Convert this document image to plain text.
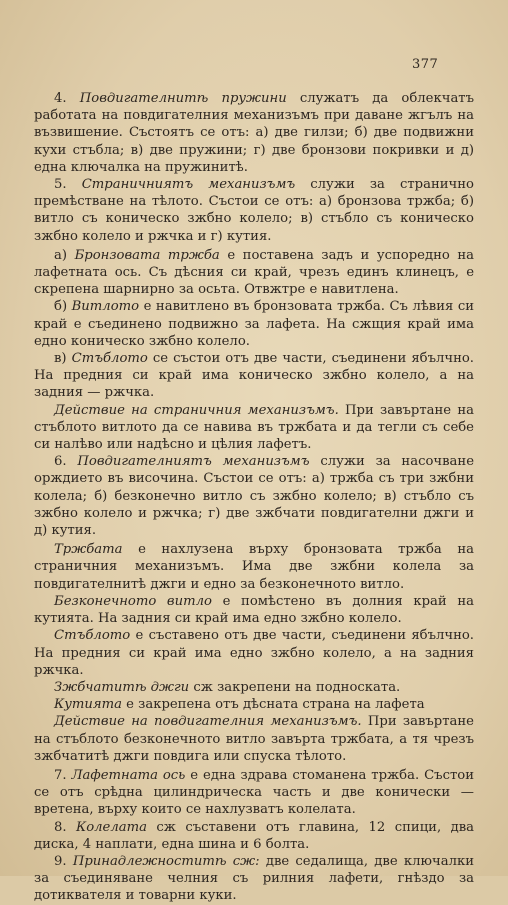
377

4. Повдигателнитѣ пружини служатъ да облекчатъ работата на повдигателния механизъмъ при даване жгълъ на възвишение. Състоятъ се отъ: а) две гилзи; б) две подвижни кухи стъбла; в) две пружини; г) две бронзови покривки и д) една ключалка на пружинитѣ.

5. Страничниятъ механизъмъ служи за странично премѣстване на тѣлото. Състои се отъ: а) бронзова тржба; б) витло съ коническо зжбно колело; в) стъбло съ коническо зжбно колело и ржчка и г) кутия.

а) Бронзовата тржба е поставена задъ и успоредно на лафетната ось. Съ дѣсния си край, чрезъ единъ клинецъ, е скрепена шарнирно за осьта. Отвжтре е навитлена.

б) Витлото е навитлено въ бронзовата тржба. Съ лѣвия си край е съединено подвижно за лафета. На сжщия край има едно коническо зжбно колело.

в) Стъблото се състои отъ две части, съединени ябълчно. На предния си край има коническо зжбно колело, а на задния — ржчка.

Действие на страничния механизъмъ. При завъртане на стъблото витлото да се навива въ тржбата и да тегли съ себе си налѣво или надѣсно и цѣлия лафетъ.

6. Повдигателниятъ механизъмъ служи за насочване орждието въ височина. Състои се отъ: а) тржба съ три зжбни колела; б) безконечно витло съ зжбно колело; в) стъбло съ зжбно колело и ржчка; г) две зжбчати повдигателни джги и д) кутия.

Тржбата е нахлузена върху бронзовата тржба на страничния механизъмъ. Има две зжбни колела за повдигателнитѣ джги и едно за безконечното витло.

Безконечното витло е помѣстено въ долния край на кутията. На задния си край има едно зжбно колело.

Стъблото е съставено отъ две части, съединени ябълчно. На предния си край има едно зжбно колело, а на задния ржчка.

Зжбчатитѣ джги сж закрепени на подноската.

Кутията е закрепена отъ дѣсната страна на лафета

Действие на повдигателния механизъмъ. При завъртане на стъблото безконечното витло завърта тржбата, а тя чрезъ зжбчатитѣ джги повдига или спуска тѣлото.

7. Лафетната ось е една здрава стоманена тржба. Състои се отъ срѣдна цилиндрическа часть и две конически — вретена, върху които се нахлузватъ колелата.

8. Колелата сж съставени отъ главина, 12 спици, два диска, 4 наплати, една шина и 6 болта.

9. Принадлежноститѣ сж: две седалища, две ключалки за съединяване челния съ рилния лафети, гнѣздо за дотиквателя и товарни куки.
